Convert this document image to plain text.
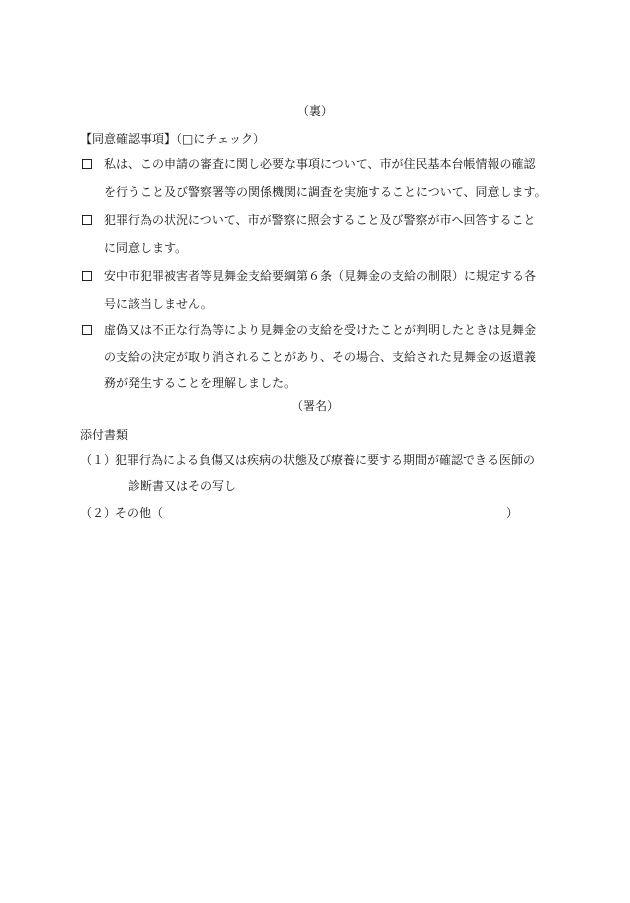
（裏）
【同意確認事項】（□にチェック）
私は、この申請の審査に関し必要な事項について、市が住民基本台帳情報の確認
を行うこと及び警察署等の関係機関に調査を実施することについて、同意します。
犯罪行為の状況について、市が警察に照会すること及び警察が市へ回答すること
に同意します。
安中市犯罪被害者等見舞金支給要綱第６条（見舞金の支給の制限）に規定する各
号に該当しません。
虚偽又は不正な行為等により見舞金の支給を受けたことが判明したときは見舞金
の支給の決定が取り消されることがあり、その場合、支給された見舞金の返還義
務が発生することを理解しました。
（署名）
添付書類
（１）
犯罪行為による負傷又は疾病の状態及び療養に要する期間が確認できる医師の
診断書又はその写し
（２）
その他（	）
